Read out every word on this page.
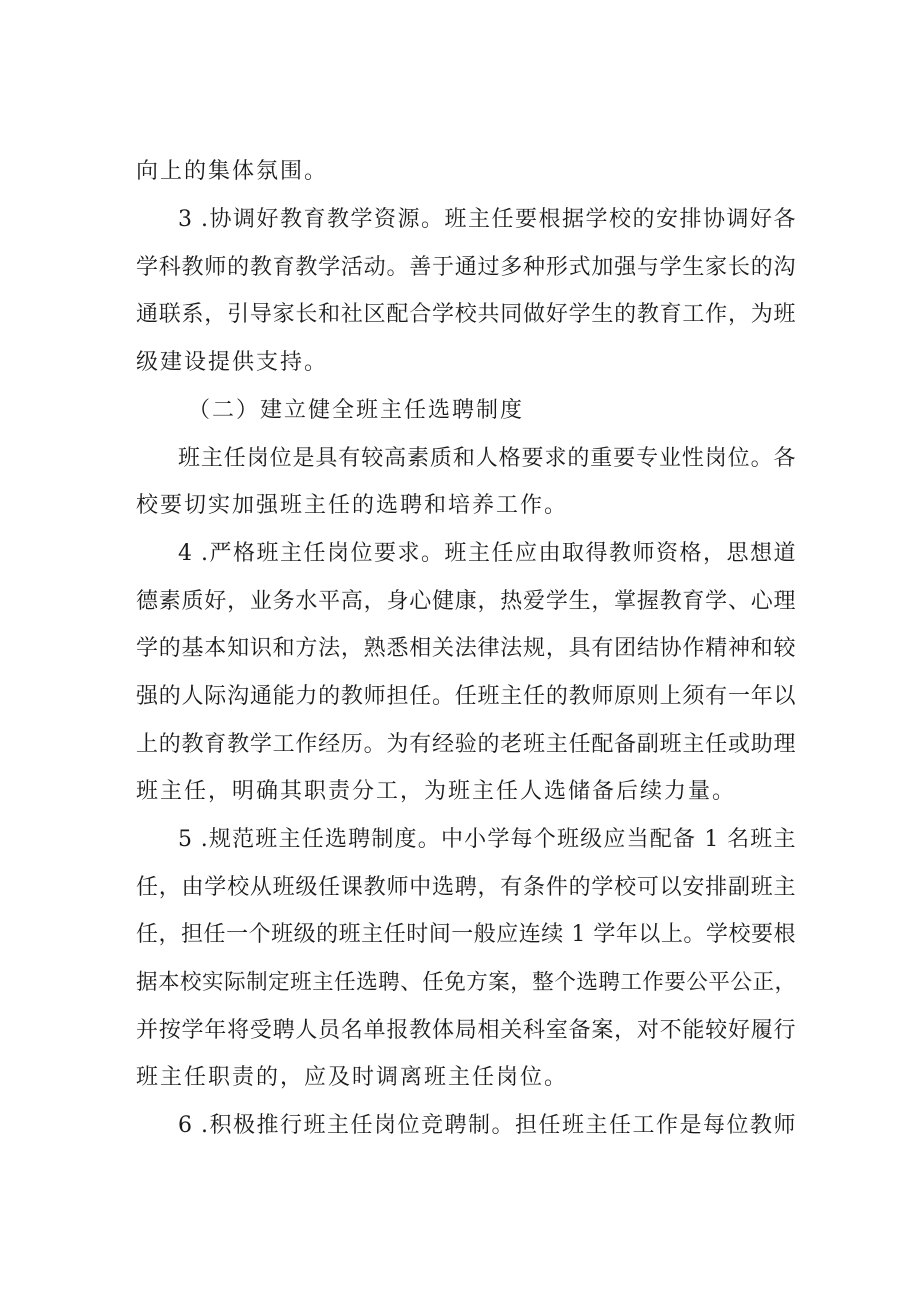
向上的集体氛围。
3 .协调好教育教学资源。班主任要根据学校的安排协调好各
学科教师的教育教学活动。善于通过多种形式加强与学生家长的沟
通联系，引导家长和社区配合学校共同做好学生的教育工作，为班
级建设提供支持。
（二）建立健全班主任选聘制度
班主任岗位是具有较高素质和人格要求的重要专业性岗位。各
校要切实加强班主任的选聘和培养工作。
4 .严格班主任岗位要求。班主任应由取得教师资格，思想道
德素质好，业务水平高，身心健康，热爱学生，掌握教育学、心理
学的基本知识和方法，熟悉相关法律法规，具有团结协作精神和较
强的人际沟通能力的教师担任。任班主任的教师原则上须有一年以
上的教育教学工作经历。为有经验的老班主任配备副班主任或助理
班主任，明确其职责分工，为班主任人选储备后续力量。
5 .规范班主任选聘制度。中小学每个班级应当配备 1 名班主
任，由学校从班级任课教师中选聘，有条件的学校可以安排副班主
任，担任一个班级的班主任时间一般应连续 1 学年以上。学校要根
据本校实际制定班主任选聘、任免方案，整个选聘工作要公平公正，
并按学年将受聘人员名单报教体局相关科室备案，对不能较好履行
班主任职责的，应及时调离班主任岗位。
6 .积极推行班主任岗位竞聘制。担任班主任工作是每位教师
